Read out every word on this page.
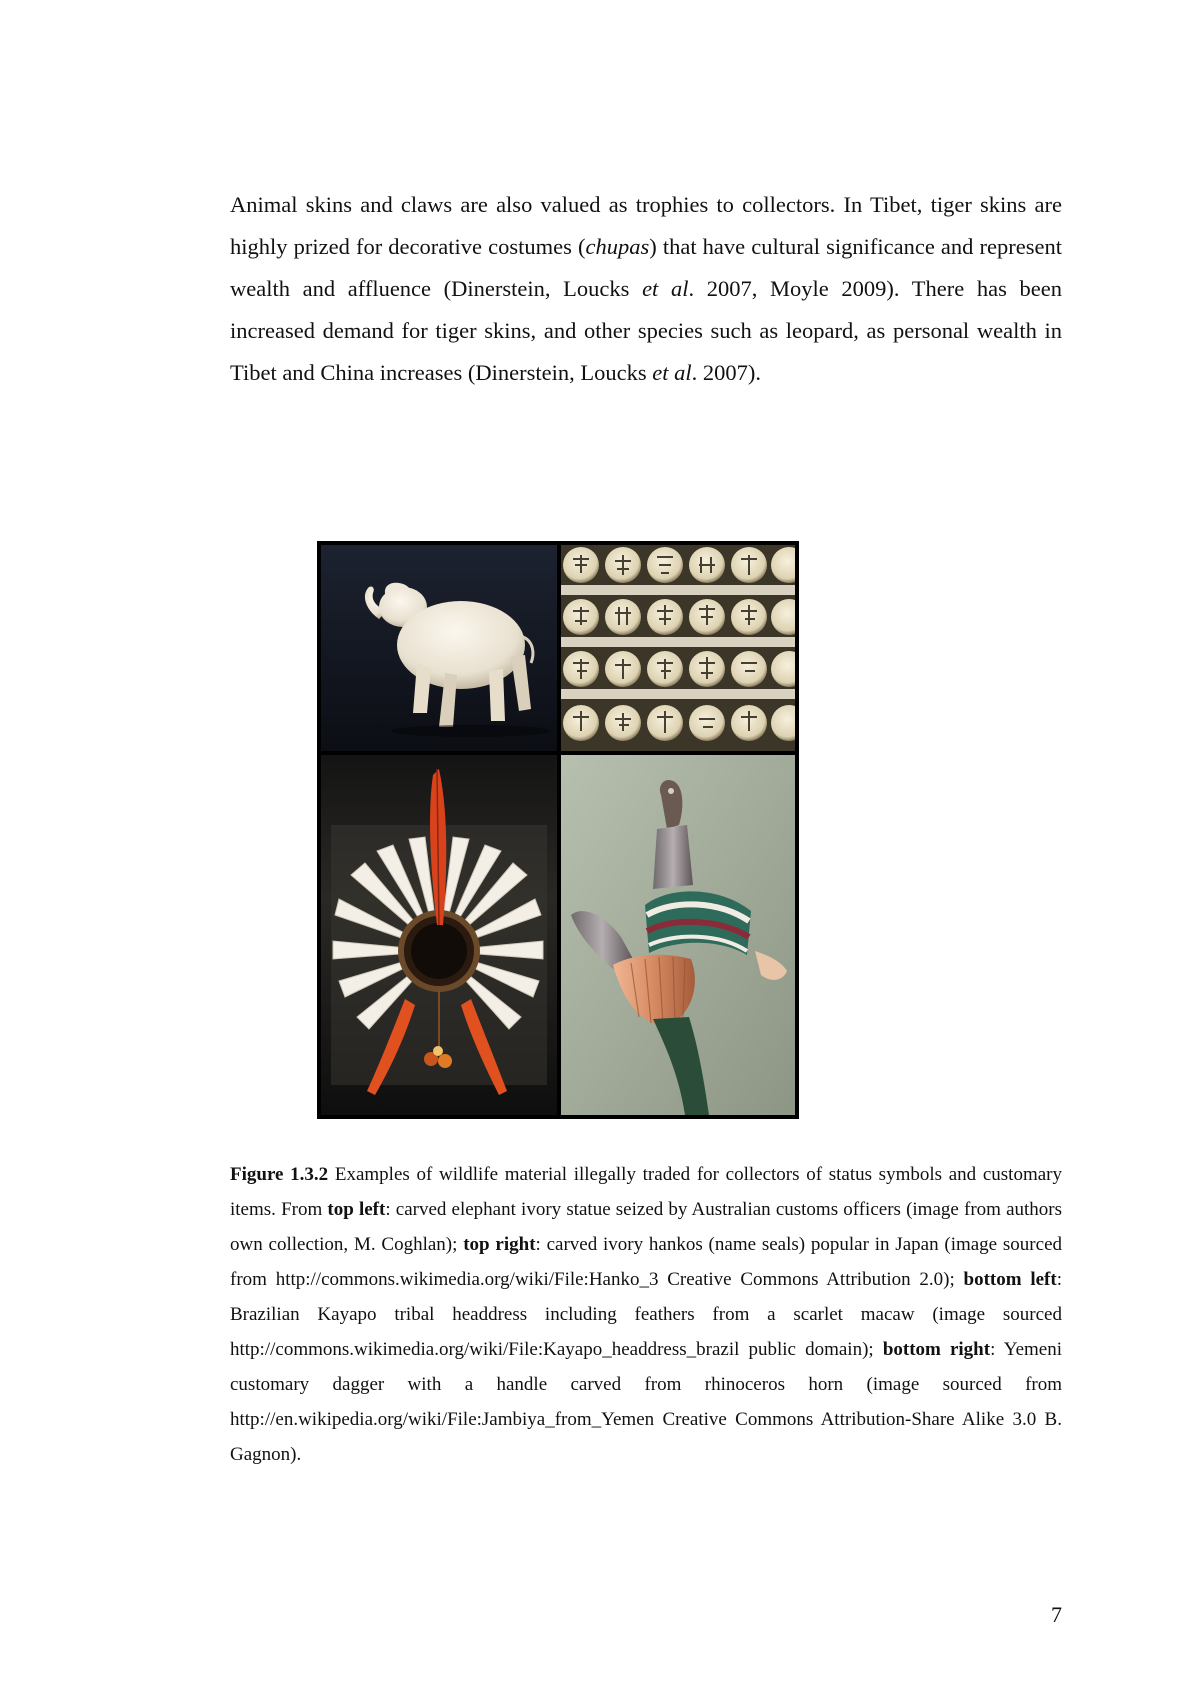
Animal skins and claws are also valued as trophies to collectors. In Tibet, tiger skins are highly prized for decorative costumes (chupas) that have cultural significance and represent wealth and affluence (Dinerstein, Loucks et al. 2007, Moyle 2009). There has been increased demand for tiger skins, and other species such as leopard, as personal wealth in Tibet and China increases (Dinerstein, Loucks et al. 2007).

Figure 1.3.2 Examples of wildlife material illegally traded for collectors of status symbols and customary items. From top left: carved elephant ivory statue seized by Australian customs officers (image from authors own collection, M. Coghlan); top right: carved ivory hankos (name seals) popular in Japan (image sourced from http://commons.wikimedia.org/wiki/File:Hanko_3 Creative Commons Attribution 2.0); bottom left: Brazilian Kayapo tribal headdress including feathers from a scarlet macaw (image sourced http://commons.wikimedia.org/wiki/File:Kayapo_headdress_brazil public domain); bottom right: Yemeni customary dagger with a handle carved from rhinoceros horn (image sourced from http://en.wikipedia.org/wiki/File:Jambiya_from_Yemen Creative Commons Attribution-Share Alike 3.0 B. Gagnon).

7
